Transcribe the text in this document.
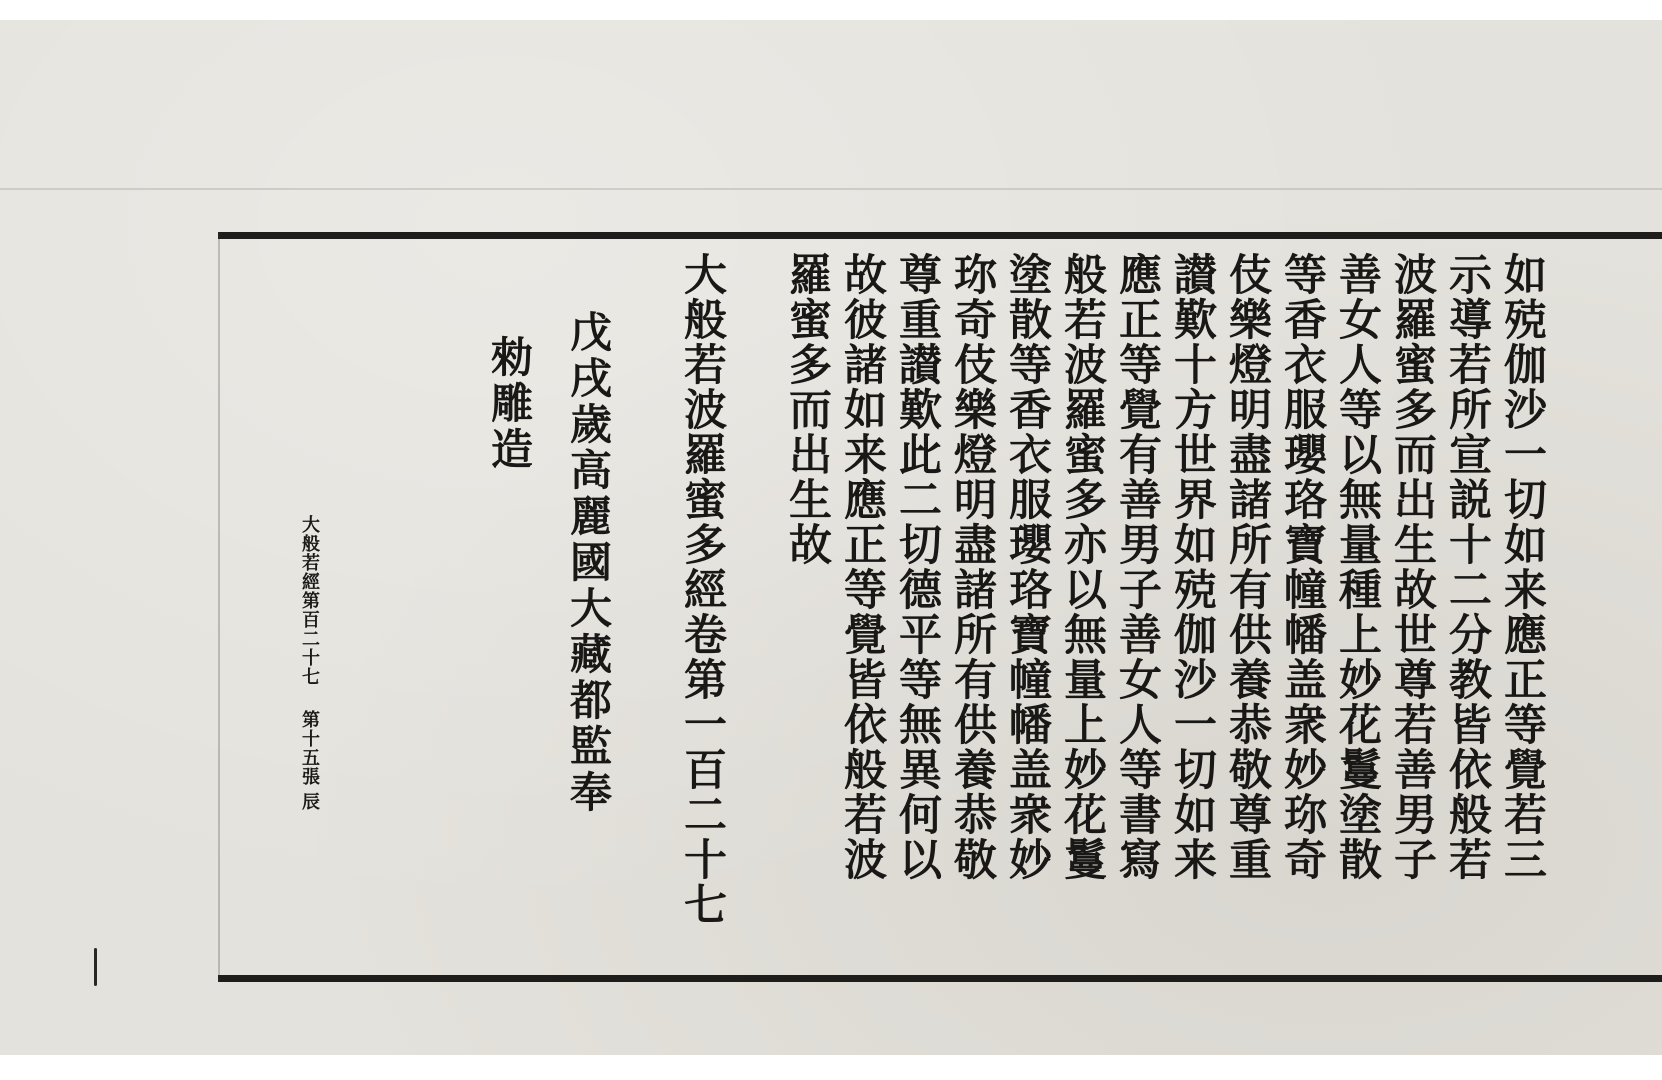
如殑伽沙一切如来應正等覺若三
示導若所宣説十二分教皆依般若
波羅蜜多而出生故世尊若善男子
善女人等以無量種上妙花鬘塗散
等香衣服瓔珞寶幢幡盖衆妙珎奇
伎樂燈明盡諸所有供養恭敬尊重
讃歎十方世界如殑伽沙一切如来
應正等覺有善男子善女人等書寫
般若波羅蜜多亦以無量上妙花鬘
塗散等香衣服瓔珞寶幢幡盖衆妙
珎奇伎樂燈明盡諸所有供養恭敬
尊重讃歎此二切德平等無異何以
故彼諸如来應正等覺皆依般若波
羅蜜多而出生故
大般若波羅蜜多經卷第一百二十七
戊戌歲高麗國大藏都監奉
勑雕造
大般若經第百二十七
第十五張
辰
